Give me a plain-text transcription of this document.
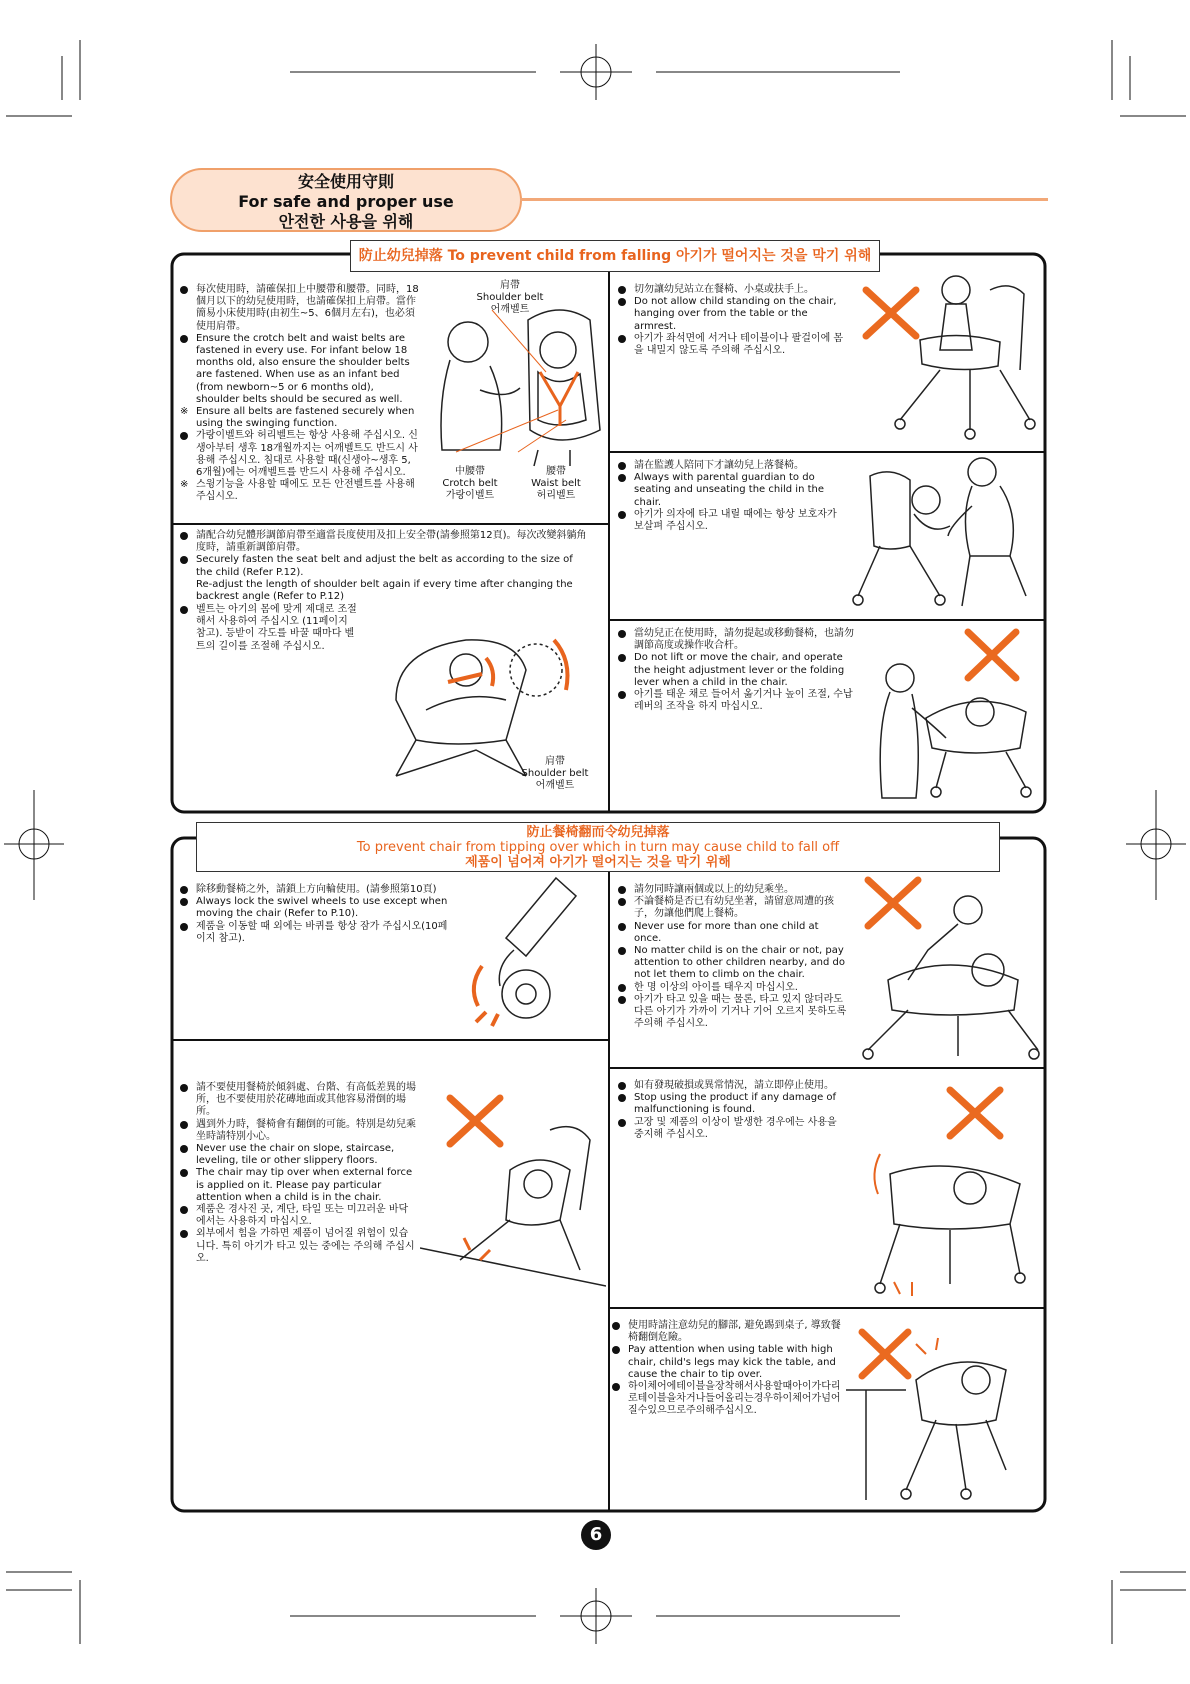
安全使用守則
For safe and proper use
안전한 사용을 위해
防止幼兒掉落 To prevent child from falling 아기가 떨어지는 것을 막기 위해

每次使用時，請確保扣上中腰帶和腰帶。同時，18個月以下的幼兒使用時，也請確保扣上肩帶。當作簡易小床使用時(由初生~5、6個月左右)，也必須使用肩帶。

Ensure the crotch belt and waist belts are fastened in every use. For infant below 18 months old, also ensure the shoulder belts are fastened. When use as an infant bed (from newborn~5 or 6 months old), shoulder belts should be secured as well.

※ Ensure all belts are fastened securely when using the swinging function.

가랑이벨트와 허리벨트는 항상 사용해 주십시오. 신생아부터 생후 18개월까지는 어깨벨트도 반드시 사용해 주십시오. 침대로 사용할 때(신생아~생후 5, 6개월)에는 어깨벨트를 반드시 사용해 주십시오.

※ 스윙기능을 사용할 때에도 모든 안전벨트를 사용해 주십시오.

肩帶
Shoulder belt
어깨벨트
中腰帶
Crotch belt
가랑이벨트
腰帶
Waist belt
허리벨트

請配合幼兒體形調節肩帶至適當長度使用及扣上安全帶(請參照第12頁)。每次改變斜躺角度時，請重新調節肩帶。

Securely fasten the seat belt and adjust the belt as according to the size of the child (Refer P.12).
Re-adjust the length of shoulder belt again if every time after changing the backrest angle (Refer to P.12)

벨트는 아기의 몸에 맞게 제대로 조절해서 사용하여 주십시오 (11페이지 참고). 등받이 각도를 바꿀 때마다 벨트의 길이를 조절해 주십시오.

肩帶
Shoulder belt
어깨벨트

切勿讓幼兒站立在餐椅、小桌或扶手上。

Do not allow child standing on the chair, hanging over from the table or the armrest.

아기가 좌석면에 서거나 테이블이나 팔걸이에 몸을 내밀지 않도록 주의해 주십시오.

請在監護人陪同下才讓幼兒上落餐椅。

Always with parental guardian to do seating and unseating the child in the chair.

아기가 의자에 타고 내릴 때에는 항상 보호자가 보살펴 주십시오.

當幼兒正在使用時，請勿提起或移動餐椅，也請勿調節高度或操作收合杆。

Do not lift or move the chair, and operate the height adjustment lever or the folding lever when a child in the chair.

아기를 태운 채로 들어서 옮기거나 높이 조절, 수납 레버의 조작을 하지 마십시오.

防止餐椅翻而令幼兒掉落
To prevent chair from tipping over which in turn may cause child to fall off
제품이 넘어져 아기가 떨어지는 것을 막기 위해

除移動餐椅之外，請鎖上方向輪使用。(請參照第10頁)

Always lock the swivel wheels to use except when moving the chair (Refer to P.10).

제품을 이동할 때 외에는 바퀴를 항상 잠가 주십시오(10페이지 참고).

請勿同時讓兩個或以上的幼兒乘坐。

不論餐椅是否已有幼兒坐著，請留意周遭的孩子，勿讓他們爬上餐椅。

Never use for more than one child at once.

No matter child is on the chair or not, pay attention to other children nearby, and do not let them to climb on the chair.

한 명 이상의 아이를 태우지 마십시오.

아기가 타고 있을 때는 물론, 타고 있지 않더라도 다른 아기가 가까이 기거나 기어 오르지 못하도록 주의해 주십시오.

請不要使用餐椅於傾斜處、台階、有高低差異的場所，也不要使用於花磚地面或其他容易滑倒的場所。

遇到外力時，餐椅會有翻倒的可能。特別是幼兒乘坐時請特別小心。

Never use the chair on slope, staircase, leveling, tile or other slippery floors.

The chair may tip over when external force is applied on it. Please pay particular attention when a child is in the chair.

제품은 경사진 곳, 계단, 타일 또는 미끄러운 바닥에서는 사용하지 마십시오.

외부에서 힘을 가하면 제품이 넘어질 위험이 있습니다. 특히 아기가 타고 있는 중에는 주의해 주십시오.

如有發現破損或異常情況，請立即停止使用。

Stop using the product if any damage of malfunctioning is found.

고장 및 제품의 이상이 발생한 경우에는 사용을 중지해 주십시오.

使用時請注意幼兒的腳部, 避免踢到桌子, 導致餐椅翻倒危險。

Pay attention when using table with high chair, child's legs may kick the table, and cause the chair to tip over.

하이체어에테이블을장착해서사용할때아이가다리로테이블을차거나들어올리는경우하이체어가넘어질수있으므로주의해주십시오.

6
